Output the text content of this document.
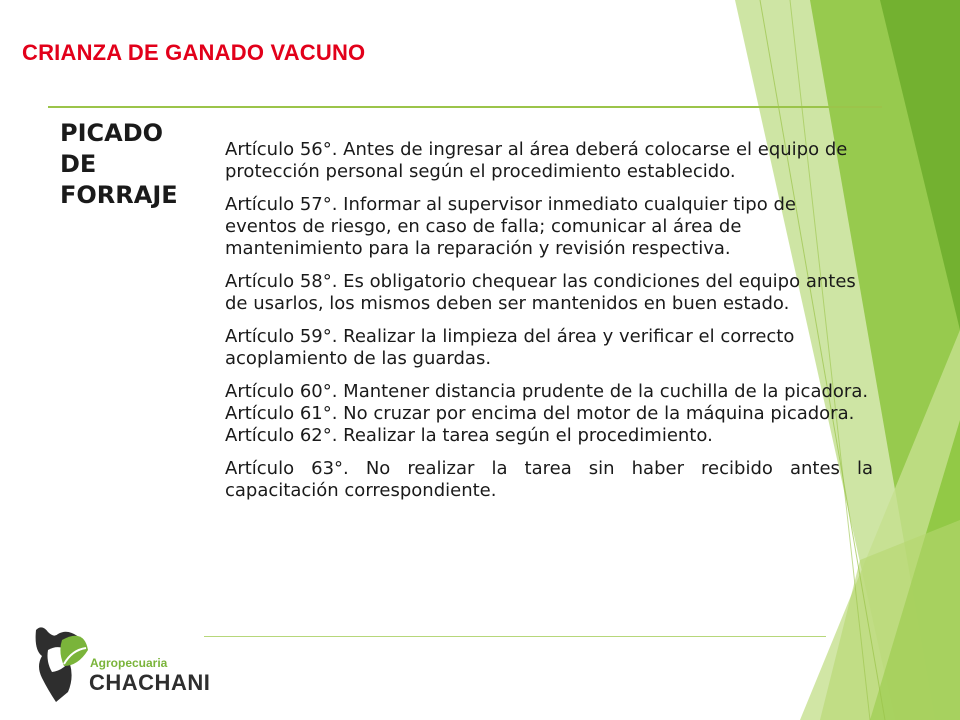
CRIANZA DE GANADO VACUNO
PICADO
DE
FORRAJE

Artículo 56°. Antes de ingresar al área deberá colocarse el equipo de protección personal según el procedimiento establecido.

Artículo 57°. Informar al supervisor inmediato cualquier tipo de eventos de riesgo, en caso de falla; comunicar al área de mantenimiento para la reparación y revisión respectiva.

Artículo 58°. Es obligatorio chequear las condiciones del equipo antes de usarlos, los mismos deben ser mantenidos en buen estado.

Artículo 59°. Realizar la limpieza del área y verificar el correcto acoplamiento de las guardas.

Artículo 60°. Mantener distancia prudente de la cuchilla de la picadora. Artículo 61°. No cruzar por encima del motor de la máquina picadora. Artículo 62°. Realizar la tarea según el procedimiento.

Artículo 63°. No realizar la tarea sin haber recibido antes la capacitación correspondiente.

Agropecuaria
CHACHANI
